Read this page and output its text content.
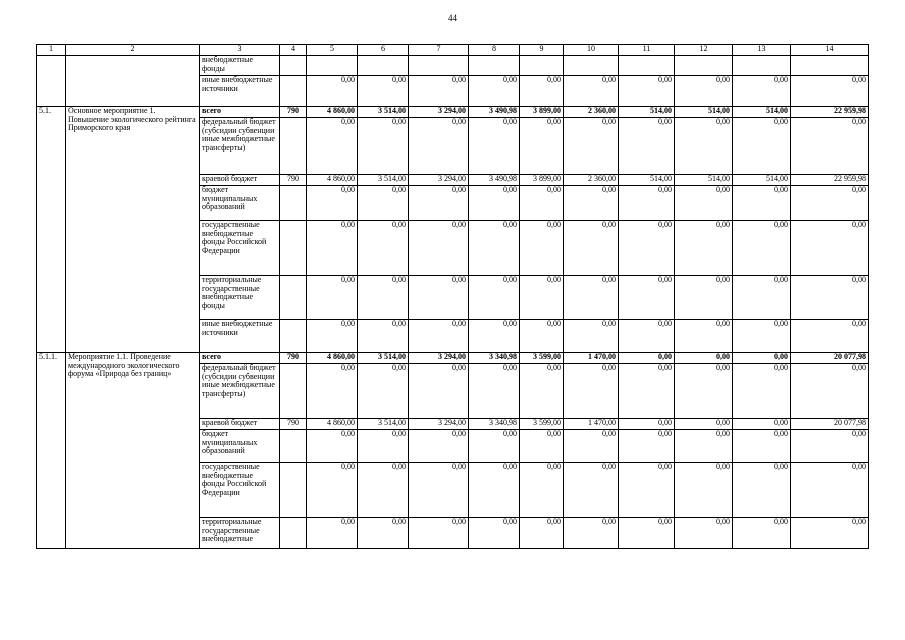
44
1	2	3	4	5	6	7	8	9	10	11	12	13	14
		внебюджетные фонды											
		иные внебюджетные источники		0,00	0,00	0,00	0,00	0,00	0,00	0,00	0,00	0,00	0,00
5.1.	Основное мероприятие 1. Повышение экологического рейтинга Приморского края	всего	790	4 860,00	3 514,00	3 294,00	3 490,98	3 899,00	2 360,00	514,00	514,00	514,00	22 959,98
		федеральный бюджет (субсидии субвенции иные межбюджетные трансферты)		0,00	0,00	0,00	0,00	0,00	0,00	0,00	0,00	0,00	0,00
		краевой бюджет	790	4 860,00	3 514,00	3 294,00	3 490,98	3 899,00	2 360,00	514,00	514,00	514,00	22 959,98
		бюджет муниципальных образований		0,00	0,00	0,00	0,00	0,00	0,00	0,00	0,00	0,00	0,00
		государственные внебюджетные фонды Российской Федерации		0,00	0,00	0,00	0,00	0,00	0,00	0,00	0,00	0,00	0,00
		территориальные государственные внебюджетные фонды		0,00	0,00	0,00	0,00	0,00	0,00	0,00	0,00	0,00	0,00
		иные внебюджетные источники		0,00	0,00	0,00	0,00	0,00	0,00	0,00	0,00	0,00	0,00
5.1.1.	Мероприятие 1.1. Проведение международного экологического форума «Природа без границ»	всего	790	4 860,00	3 514,00	3 294,00	3 340,98	3 599,00	1 470,00	0,00	0,00	0,00	20 077,98
		федеральный бюджет (субсидии субвенции иные межбюджетные трансферты)		0,00	0,00	0,00	0,00	0,00	0,00	0,00	0,00	0,00	0,00
		краевой бюджет	790	4 860,00	3 514,00	3 294,00	3 340,98	3 599,00	1 470,00	0,00	0,00	0,00	20 077,98
		бюджет муниципальных образований		0,00	0,00	0,00	0,00	0,00	0,00	0,00	0,00	0,00	0,00
		государственные внебюджетные фонды Российской Федерации		0,00	0,00	0,00	0,00	0,00	0,00	0,00	0,00	0,00	0,00
		территориальные государственные внебюджетные		0,00	0,00	0,00	0,00	0,00	0,00	0,00	0,00	0,00	0,00
